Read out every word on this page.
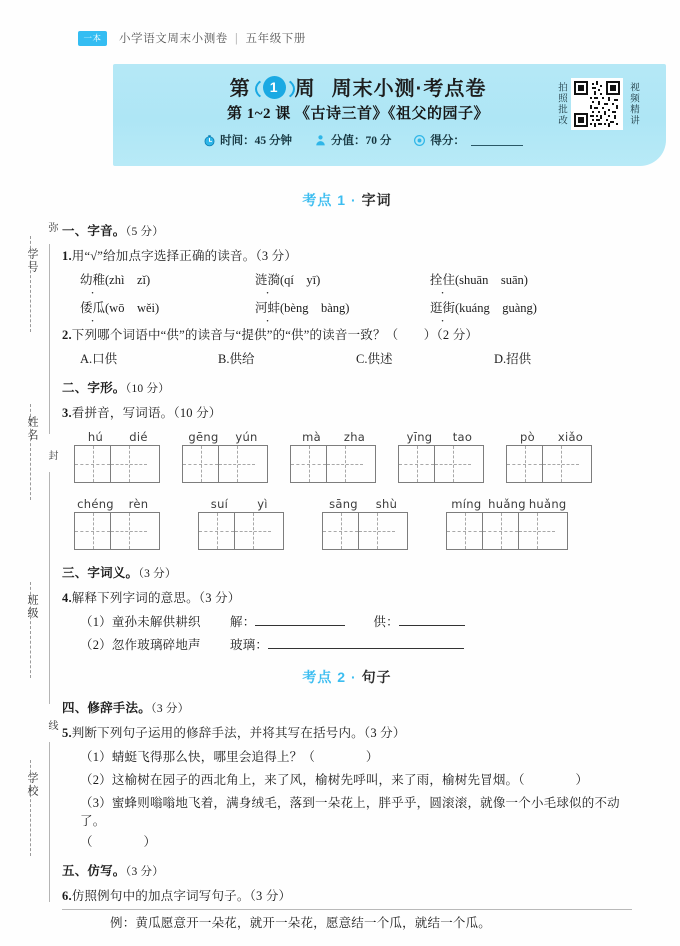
学号
姓名
班级
学校
弥
封
线
一本	小学语文周末小测卷 | 五年级下册
第	1 周 周末小测·考点卷
第 1~2 课 《古诗三首》《祖父的园子》
时间：45 分钟	分值：70 分	得分：
拍照批改	视频精讲
考点 1 · 字词
一、字音。（5 分）
1.用“√”给加点字选择正确的读音。（3 分）
幼稚(zhì　zǐ)	涟漪(qí　yī)	拴住(shuān　suān)
倭瓜(wō　wěi)	河蚌(bèng　bàng)	逛街(kuáng　guàng)
2.下列哪个词语中“供”的读音与“提供”的“供”的读音一致？（　　）（2 分）
A.口供	B.供给	C.供述	D.招供
二、字形。（10 分）
3.看拼音，写词语。（10 分）
hú	dié	gēng	yún	mà	zha	yīng	tao	pò	xiǎo
chéng	rèn	suí	yì	sāng	shù	míng huǎng huǎng
三、字词义。（3 分）
4.解释下列字词的意思。（3 分）
（1）童孙未解供耕织 解：	供：
（2）忽作玻璃碎地声 玻璃：
考点 2 · 句子
四、修辞手法。（3 分）
5.判断下列句子运用的修辞手法，并将其写在括号内。（3 分）
（1）蜻蜓飞得那么快，哪里会追得上？（　　　　）
（2）这榆树在园子的西北角上，来了风，榆树先呼叫，来了雨，榆树先冒烟。（　　　　）
（3）蜜蜂则嗡嗡地飞着，满身绒毛，落到一朵花上，胖乎乎，圆滚滚，就像一个小毛球似的不动了。
（　　　　）
五、仿写。（3 分）
6.仿照例句中的加点字词写句子。（3 分）
例：黄瓜愿意开一朵花，就开一朵花，愿意结一个瓜，就结一个瓜。
